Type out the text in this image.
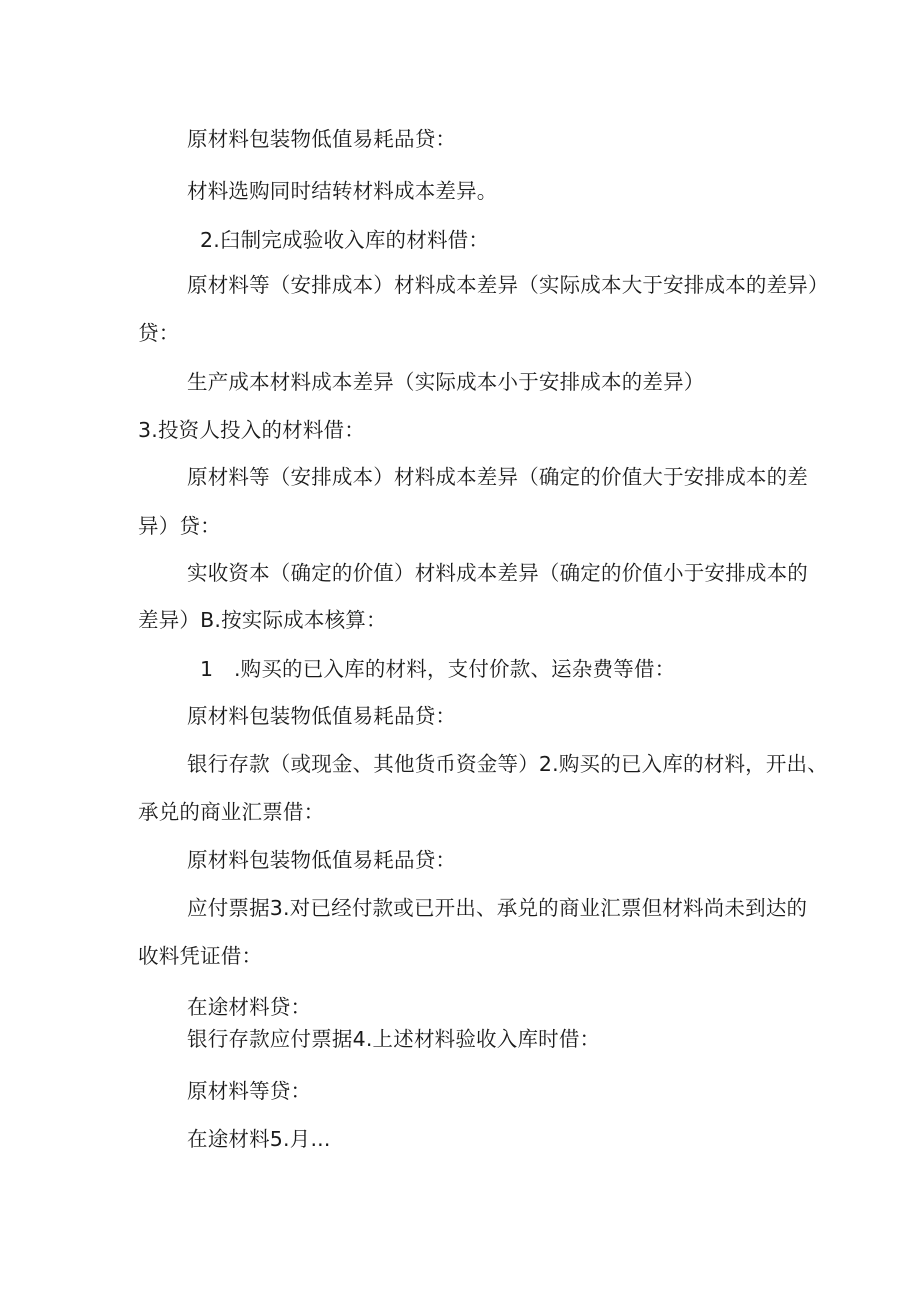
原材料包装物低值易耗品贷：
材料选购同时结转材料成本差异。
2.臼制完成验收入库的材料借：
原材料等（安排成本）材料成本差异（实际成本大于安排成本的差异）
贷：
生产成本材料成本差异（实际成本小于安排成本的差异）
3.投资人投入的材料借：
原材料等（安排成本）材料成本差异（确定的价值大于安排成本的差
异）贷：
实收资本（确定的价值）材料成本差异（确定的价值小于安排成本的
差异）B.按实际成本核算：
1　.购买的已入库的材料，支付价款、运杂费等借：
原材料包装物低值易耗品贷：
银行存款（或现金、其他货币资金等）2.购买的已入库的材料，开出、
承兑的商业汇票借：
原材料包装物低值易耗品贷：
应付票据3.对已经付款或已开出、承兑的商业汇票但材料尚未到达的
收料凭证借：
在途材料贷：
银行存款应付票据4.上述材料验收入库时借：
原材料等贷：
在途材料5.月...
